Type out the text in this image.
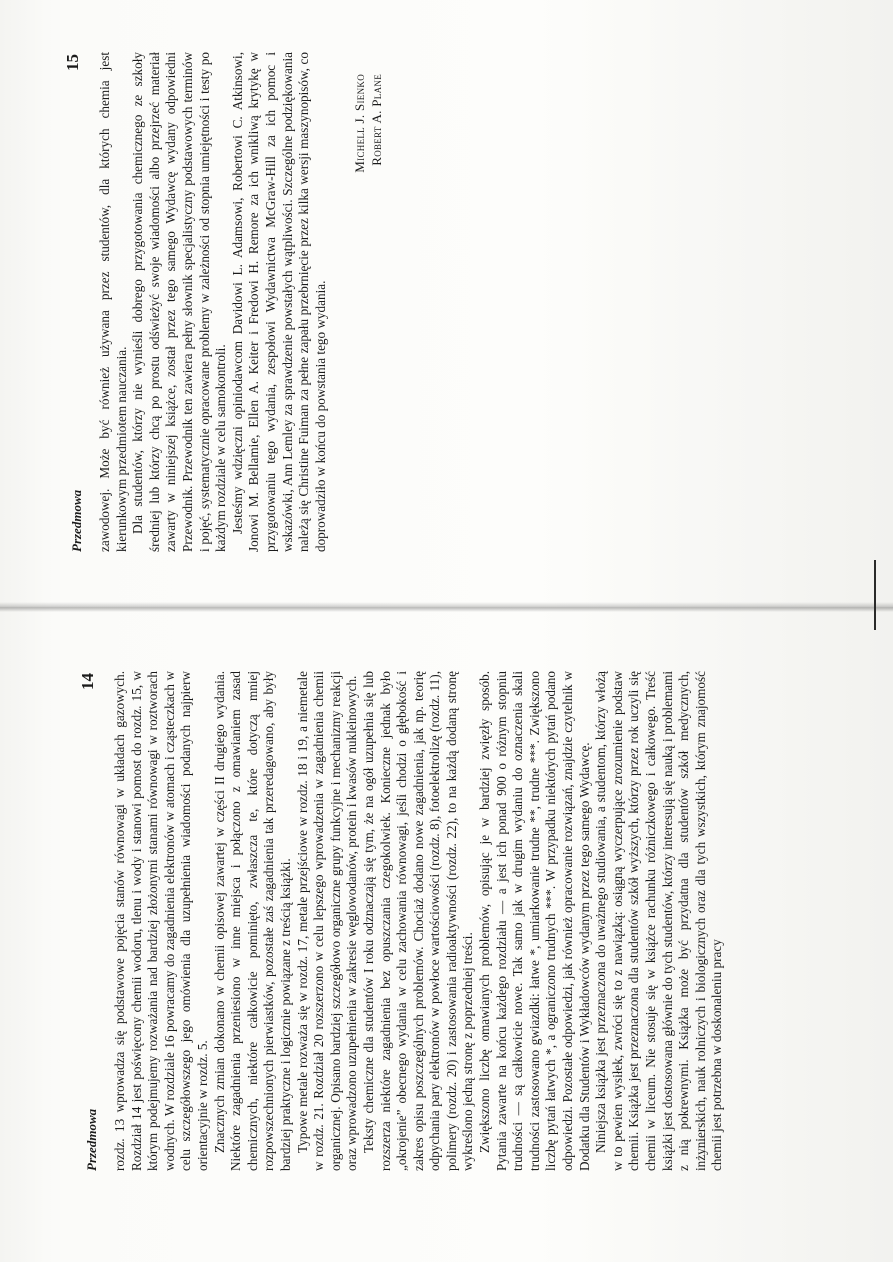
Przedmowa
14 rozdz. 13 wprowadza się podstawowe pojęcia stanów równowagi w układach gazowych. Rozdział 14 jest poświęcony chemii wodoru, tlenu i wody i stanowi pomost do rozdz. 15, w którym podejmujemy rozważania nad bardziej złożonymi stanami równowagi w roztworach wodnych. W rozdziale 16 powracamy do zagadnienia elektronów w atomach i cząsteczkach w celu szczegółowszego jego omówienia dla uzupełnienia wiadomości podanych najpierw orientacyjnie w rozdz. 5. Znacznych zmian dokonano w chemii opisowej zawartej w części II drugiego wydania. Niektóre zagadnienia przeniesiono w inne miejsca i połączono z omawianiem zasad chemicznych, niektóre całkowicie pominięto, zwłaszcza te, które dotyczą mniej rozpowszechnionych pierwiastków, pozostałe zaś zagadnienia tak przeredagowano, aby były bardziej praktyczne i logicznie powiązane z treścią książki. Typowe metale rozważa się w rozdz. 17, metale przejściowe w rozdz. 18 i 19, a niemetale w rozdz. 21. Rozdział 20 rozszerzono w celu lepszego wprowadzenia w zagadnienia chemii organicznej. Opisano bardziej szczegółowo organiczne grupy funkcyjne i mechanizmy reakcji oraz wprowadzono uzupełnienia w zakresie węglowodanów, protein i kwasów nukleinowych. Teksty chemiczne dla studentów I roku odznaczają się tym, że na ogół uzupełnia się lub rozszerza niektóre zagadnienia bez opuszczania czegokolwiek. Konieczne jednak było „okrojenie” obecnego wydania w celu zachowania równowagi, jeśli chodzi o głębokość i zakres opisu poszczególnych problemów. Chociaż dodano nowe zagadnienia, jak np. teorię odpychania pary elektronów w powłoce wartościowości (rozdz. 8), fotoelektrolizę (rozdz. 11), polimery (rozdz. 20) i zastosowania radioaktywności (rozdz. 22), to na każdą dodaną stronę wykreślono jedną stronę z poprzedniej treści. Zwiększono liczbę omawianych problemów, opisując je w bardziej zwięzły sposób. Pytania zawarte na końcu każdego rozdziału — a jest ich ponad 900 o różnym stopniu trudności — są całkowicie nowe. Tak samo jak w drugim wydaniu do oznaczenia skali trudności zastosowano gwiazdki: łatwe *, umiarkowanie trudne **, trudne ***. Zwiększono liczbę pytań łatwych *, a ograniczono trudnych ***. W przypadku niektórych pytań podano odpowiedzi. Pozostałe odpowiedzi, jak również opracowanie rozwiązań, znajdzie czytelnik w Dodatku dla Studentów i Wykładowców wydanym przez tego samego Wydawcę. Niniejsza książka jest przeznaczona do uważnego studiowania, a studentom, którzy włożą w to pewien wysiłek, zwróci się to z nawiązką: osiągną wyczerpujące zrozumienie podstaw chemii. Książka jest przeznaczona dla studentów szkół wyższych, którzy przez rok uczyli się chemii w liceum. Nie stosuje się w książce rachunku różniczkowego i całkowego. Treść książki jest dostosowana głównie do tych studentów, którzy interesują się nauką i problemami z nią pokrewnymi. Książka może być przydatna dla studentów szkół medycznych, inżynierskich, nauk rolniczych i biologicznych oraz dla tych wszystkich, którym znajomość chemii jest potrzebna w doskonaleniu pracy

Przedmowa
15 zawodowej. Może być również używana przez studentów, dla których chemia jest kierunkowym przedmiotem nauczania. Dla studentów, którzy nie wynieśli dobrego przygotowania chemicznego ze szkoły średniej lub którzy chcą po prostu odświeżyć swoje wiadomości albo przejrzeć materiał zawarty w niniejszej książce, został przez tego samego Wydawcę wydany odpowiedni Przewodnik. Przewodnik ten zawiera pełny słownik specjalistyczny podstawowych terminów i pojęć, systematycznie opracowane problemy w zależności od stopnia umiejętności i testy po każdym rozdziale w celu samokontroli. Jesteśmy wdzięczni opiniodawcom Davidowi L. Adamsowi, Robertowi C. Atkinsowi, Jonowi M. Bellamie, Ellen A. Keiter i Fredowi H. Remore za ich wnikliwą krytykę w przygotowaniu tego wydania, zespołowi Wydawnictwa McGraw-Hill za ich pomoc i wskazówki, Ann Lemley za sprawdzenie powstałych wątpliwości. Szczególne podziękowania należą się Christine Fuiman za pełne zapału przebrnięcie przez kilka wersji maszynopisów, co doprowadziło w końcu do powstania tego wydania.

Michell J. Sienko Robert A. Plane
